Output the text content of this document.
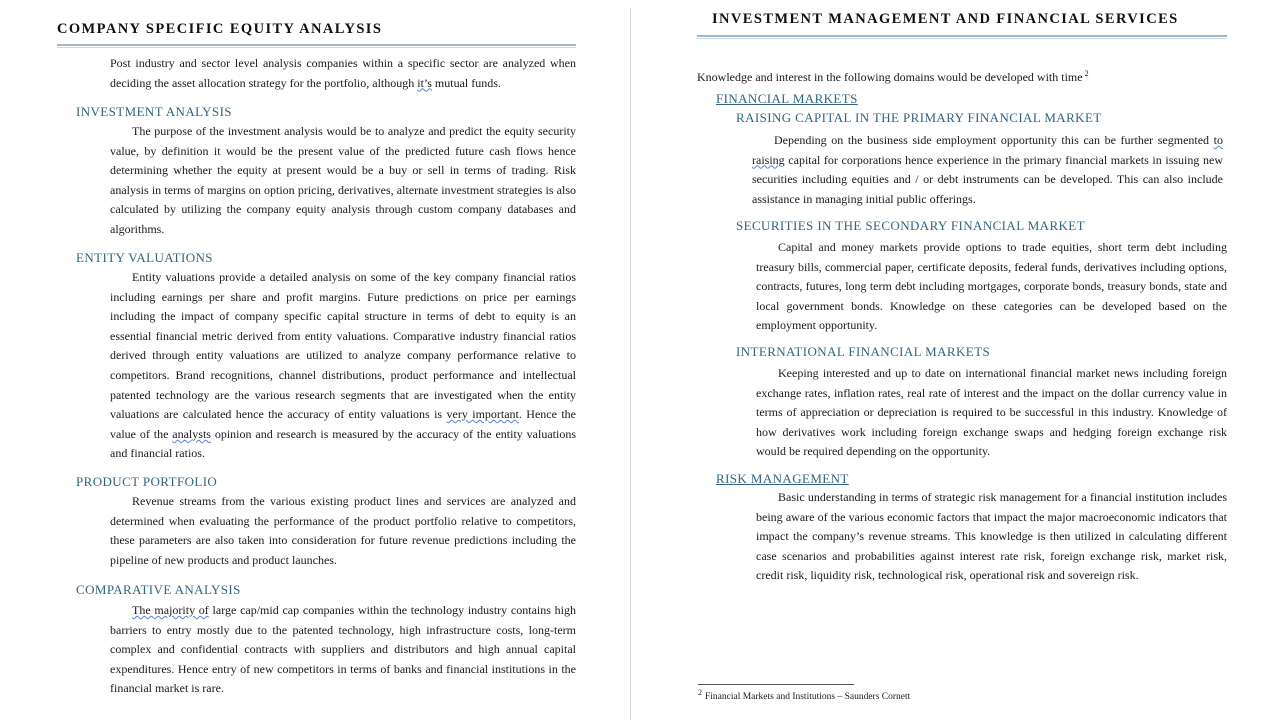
COMPANY SPECIFIC EQUITY ANALYSIS

Post industry and sector level analysis companies within a specific sector are analyzed when deciding the asset allocation strategy for the portfolio, although it’s mutual funds.

INVESTMENT ANALYSIS

The purpose of the investment analysis would be to analyze and predict the equity security value, by definition it would be the present value of the predicted future cash flows hence determining whether the equity at present would be a buy or sell in terms of trading. Risk analysis in terms of margins on option pricing, derivatives, alternate investment strategies is also calculated by utilizing the company equity analysis through custom company databases and algorithms.

ENTITY VALUATIONS

Entity valuations provide a detailed analysis on some of the key company financial ratios including earnings per share and profit margins. Future predictions on price per earnings including the impact of company specific capital structure in terms of debt to equity is an essential financial metric derived from entity valuations. Comparative industry financial ratios derived through entity valuations are utilized to analyze company performance relative to competitors. Brand recognitions, channel distributions, product performance and intellectual patented technology are the various research segments that are investigated when the entity valuations are calculated hence the accuracy of entity valuations is very important. Hence the value of the analysts opinion and research is measured by the accuracy of the entity valuations and financial ratios.

PRODUCT PORTFOLIO

Revenue streams from the various existing product lines and services are analyzed and determined when evaluating the performance of the product portfolio relative to competitors, these parameters are also taken into consideration for future revenue predictions including the pipeline of new products and product launches.

COMPARATIVE ANALYSIS

The majority of large cap/mid cap companies within the technology industry contains high barriers to entry mostly due to the patented technology, high infrastructure costs, long-term complex and confidential contracts with suppliers and distributors and high annual capital expenditures. Hence entry of new competitors in terms of banks and financial institutions in the financial market is rare.

INVESTMENT MANAGEMENT AND FINANCIAL SERVICES
Knowledge and interest in the following domains would be developed with time $^2$
FINANCIAL MARKETS
RAISING CAPITAL IN THE PRIMARY FINANCIAL MARKET

Depending on the business side employment opportunity this can be further segmented to raising capital for corporations hence experience in the primary financial markets in issuing new securities including equities and / or debt instruments can be developed. This can also include assistance in managing initial public offerings.

SECURITIES IN THE SECONDARY FINANCIAL MARKET

Capital and money markets provide options to trade equities, short term debt including treasury bills, commercial paper, certificate deposits, federal funds, derivatives including options, contracts, futures, long term debt including mortgages, corporate bonds, treasury bonds, state and local government bonds. Knowledge on these categories can be developed based on the employment opportunity.

INTERNATIONAL FINANCIAL MARKETS

Keeping interested and up to date on international financial market news including foreign exchange rates, inflation rates, real rate of interest and the impact on the dollar currency value in terms of appreciation or depreciation is required to be successful in this industry. Knowledge of how derivatives work including foreign exchange swaps and hedging foreign exchange risk would be required depending on the opportunity.

RISK MANAGEMENT

Basic understanding in terms of strategic risk management for a financial institution includes being aware of the various economic factors that impact the major macroeconomic indicators that impact the company’s revenue streams. This knowledge is then utilized in calculating different case scenarios and probabilities against interest rate risk, foreign exchange risk, market risk, credit risk, liquidity risk, technological risk, operational risk and sovereign risk.

$^2$ Financial Markets and Institutions – Saunders Cornett
